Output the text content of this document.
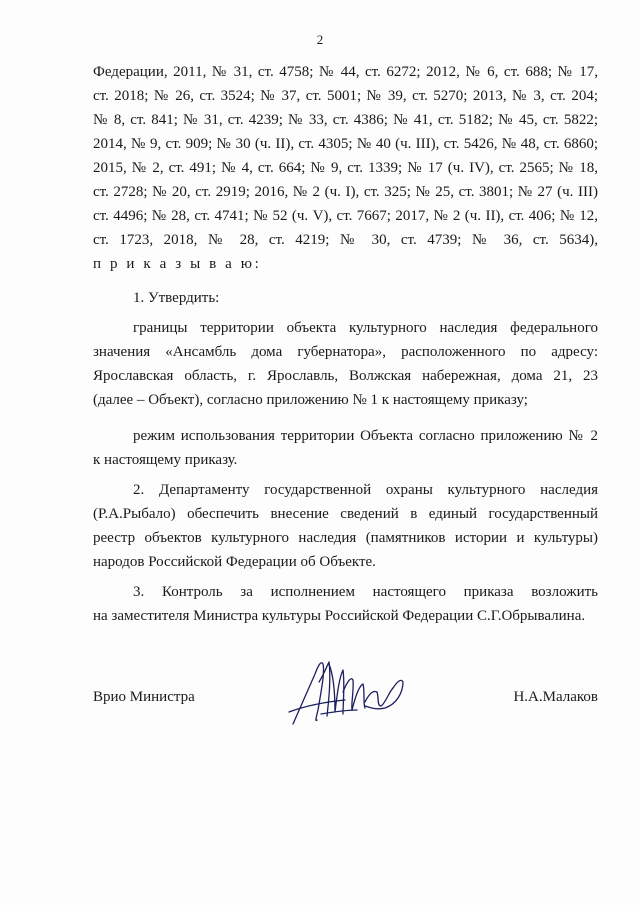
2
Федерации, 2011, № 31, ст. 4758; № 44, ст. 6272; 2012, № 6, ст. 688; № 17,
ст. 2018; № 26, ст. 3524; № 37, ст. 5001; № 39, ст. 5270; 2013, № 3, ст. 204;
№ 8, ст. 841; № 31, ст. 4239; № 33, ст. 4386; № 41, ст. 5182; № 45, ст. 5822;
2014, № 9, ст. 909; № 30 (ч. II), ст. 4305; № 40 (ч. III), ст. 5426, № 48, ст. 6860;
2015, № 2, ст. 491; № 4, ст. 664; № 9, ст. 1339; № 17 (ч. IV), ст. 2565; № 18,
ст. 2728; № 20, ст. 2919; 2016, № 2 (ч. I), ст. 325; № 25, ст. 3801; № 27 (ч. III)
ст. 4496; № 28, ст. 4741; № 52 (ч. V), ст. 7667; 2017, № 2 (ч. II), ст. 406; № 12,
ст. 1723, 2018, № 28, ст. 4219; № 30, ст. 4739; № 36, ст. 5634),
п р и к а з ы в а ю:
1. Утвердить:
границы территории объекта культурного наследия федерального
значения «Ансамбль дома губернатора», расположенного по адресу:
Ярославская область, г. Ярославль, Волжская набережная, дома 21, 23
(далее – Объект), согласно приложению № 1 к настоящему приказу;
режим использования территории Объекта согласно приложению № 2
к настоящему приказу.
2. Департаменту государственной охраны культурного наследия
(Р.А.Рыбало) обеспечить внесение сведений в единый государственный
реестр объектов культурного наследия (памятников истории и культуры)
народов Российской Федерации об Объекте.
3. Контроль за исполнением настоящего приказа возложить
на заместителя Министра культуры Российской Федерации С.Г.Обрывалина.
Врио Министра	Н.А.Малаков
